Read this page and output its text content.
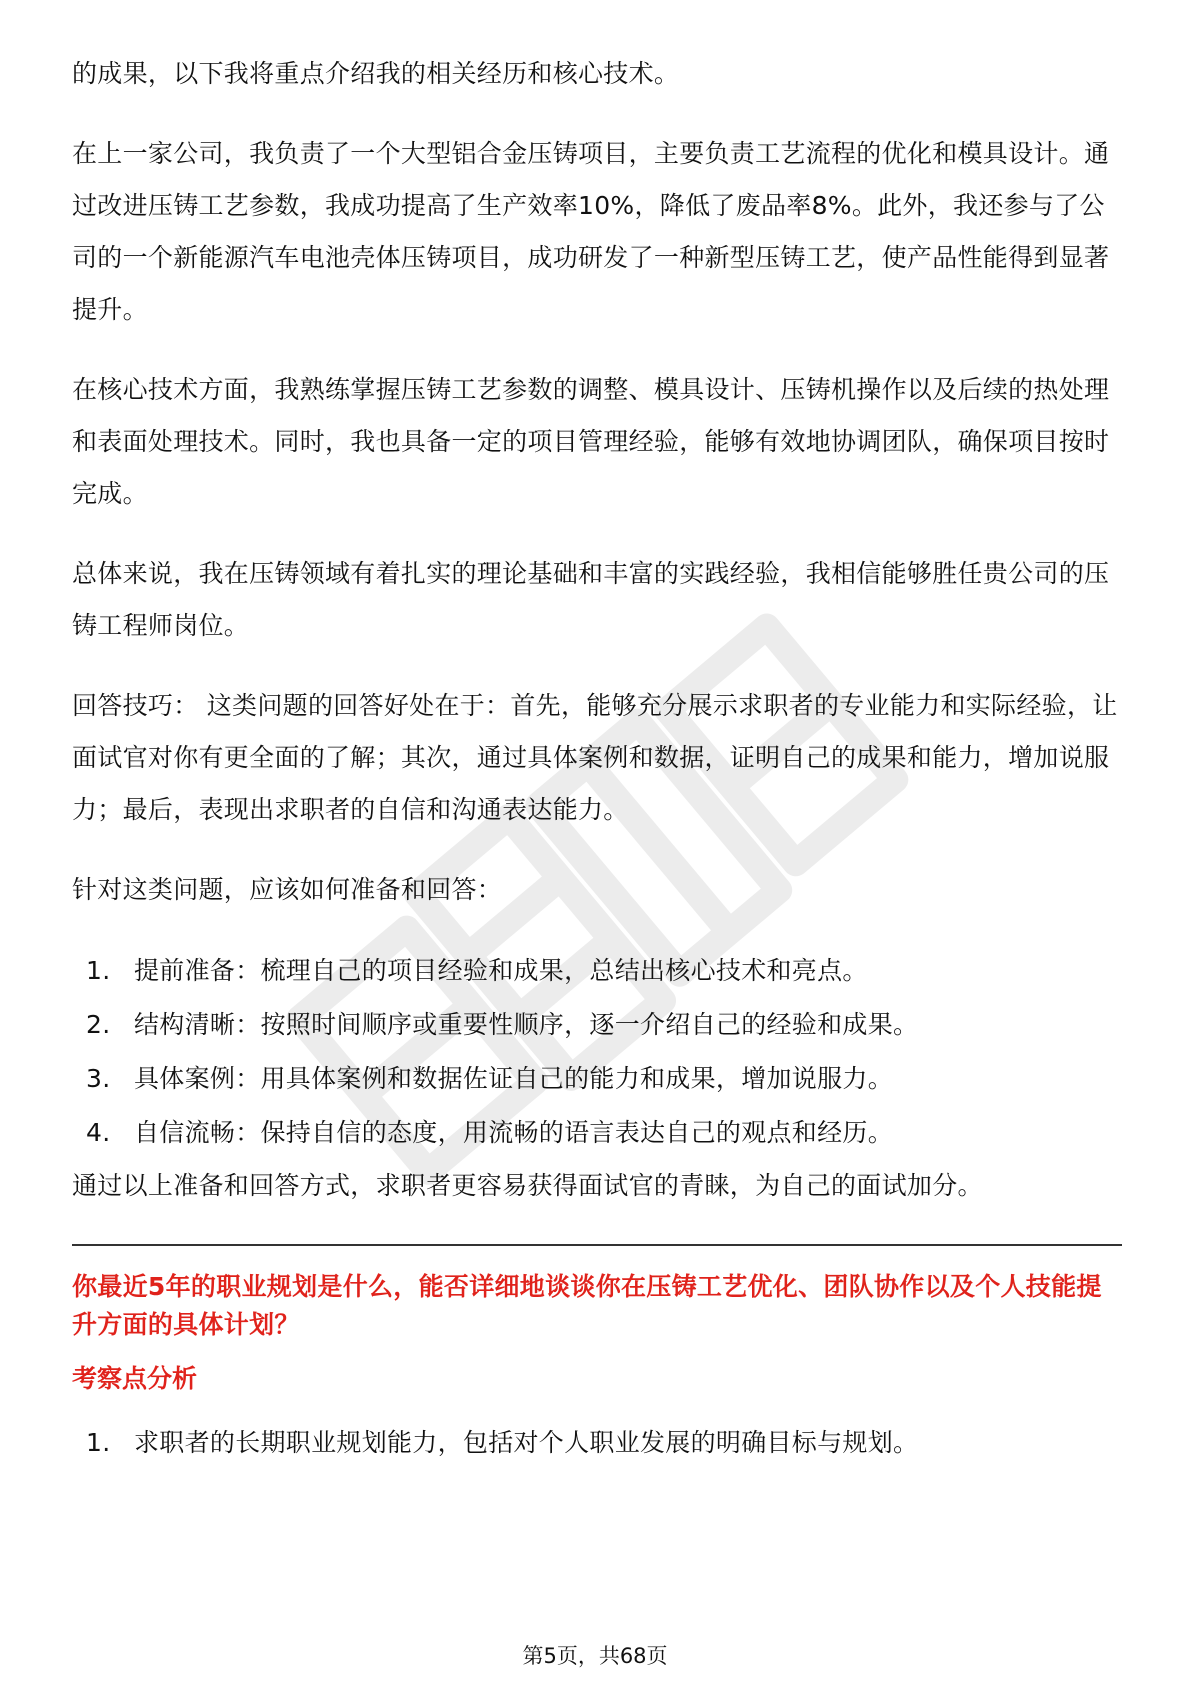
的成果，以下我将重点介绍我的相关经历和核心技术。

在上一家公司，我负责了一个大型铝合金压铸项目，主要负责工艺流程的优化和模具设计。通过改进压铸工艺参数，我成功提高了生产效率10%，降低了废品率8%。此外，我还参与了公司的一个新能源汽车电池壳体压铸项目，成功研发了一种新型压铸工艺，使产品性能得到显著提升。

在核心技术方面，我熟练掌握压铸工艺参数的调整、模具设计、压铸机操作以及后续的热处理和表面处理技术。同时，我也具备一定的项目管理经验，能够有效地协调团队，确保项目按时完成。

总体来说，我在压铸领域有着扎实的理论基础和丰富的实践经验，我相信能够胜任贵公司的压铸工程师岗位。

回答技巧： 这类问题的回答好处在于：首先，能够充分展示求职者的专业能力和实际经验，让面试官对你有更全面的了解；其次，通过具体案例和数据，证明自己的成果和能力，增加说服力；最后，表现出求职者的自信和沟通表达能力。

针对这类问题，应该如何准备和回答：

1. 提前准备：梳理自己的项目经验和成果，总结出核心技术和亮点。
2. 结构清晰：按照时间顺序或重要性顺序，逐一介绍自己的经验和成果。
3. 具体案例：用具体案例和数据佐证自己的能力和成果，增加说服力。
4. 自信流畅：保持自信的态度，用流畅的语言表达自己的观点和经历。

通过以上准备和回答方式，求职者更容易获得面试官的青睐，为自己的面试加分。

你最近5年的职业规划是什么，能否详细地谈谈你在压铸工艺优化、团队协作以及个人技能提升方面的具体计划？

考察点分析
1. 求职者的长期职业规划能力，包括对个人职业发展的明确目标与规划。
第5页，共68页
